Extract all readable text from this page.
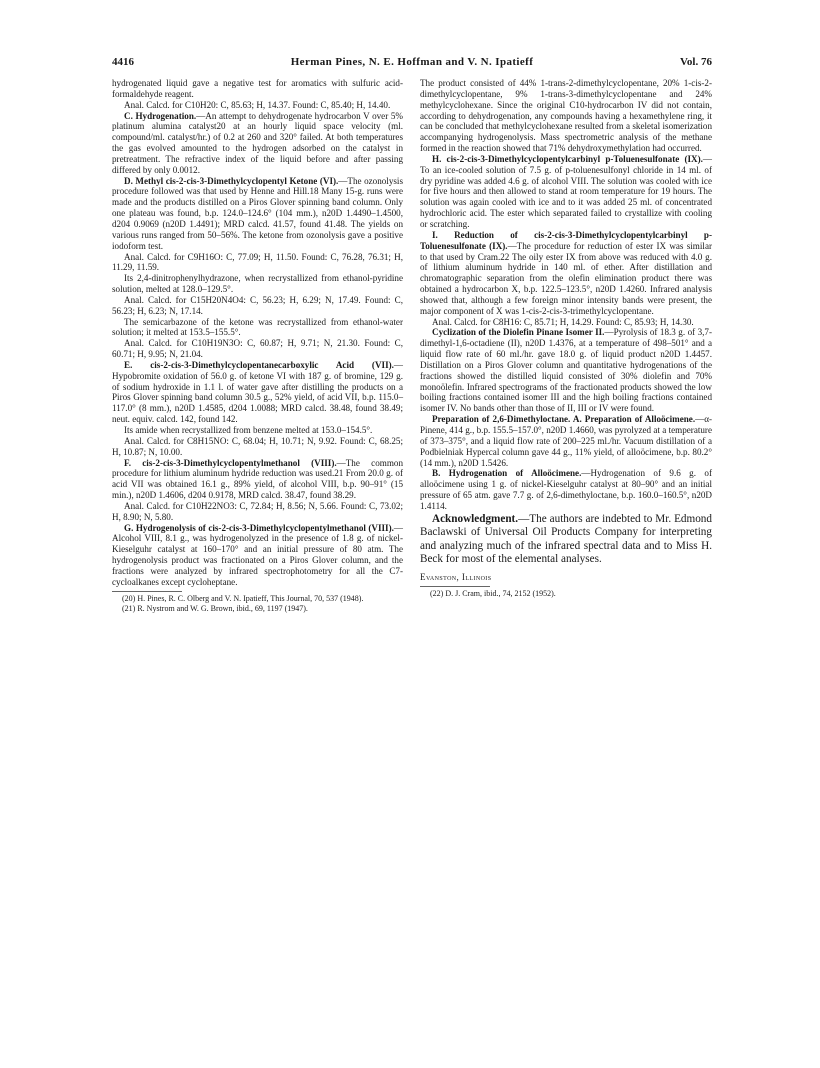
4416	Herman Pines, N. E. Hoffman and V. N. Ipatieff	Vol. 76

hydrogenated liquid gave a negative test for aromatics with sulfuric acid-formaldehyde reagent.

Anal. Calcd. for C10H20: C, 85.63; H, 14.37. Found: C, 85.40; H, 14.40.

C. Hydrogenation.—An attempt to dehydrogenate hydrocarbon V over 5% platinum alumina catalyst20 at an hourly liquid space velocity (ml. compound/ml. catalyst/hr.) of 0.2 at 260 and 320° failed. At both temperatures the gas evolved amounted to the hydrogen adsorbed on the catalyst in pretreatment. The refractive index of the liquid before and after passing differed by only 0.0012.

D. Methyl cis-2-cis-3-Dimethylcyclopentyl Ketone (VI).—The ozonolysis procedure followed was that used by Henne and Hill.18 Many 15-g. runs were made and the products distilled on a Piros Glover spinning band column. Only one plateau was found, b.p. 124.0–124.6° (104 mm.), n20D 1.4490–1.4500, d204 0.9069 (n20D 1.4491); MRD calcd. 41.57, found 41.48. The yields on various runs ranged from 50–56%. The ketone from ozonolysis gave a positive iodoform test.

Anal. Calcd. for C9H16O: C, 77.09; H, 11.50. Found: C, 76.28, 76.31; H, 11.29, 11.59.

Its 2,4-dinitrophenylhydrazone, when recrystallized from ethanol-pyridine solution, melted at 128.0–129.5°.

Anal. Calcd. for C15H20N4O4: C, 56.23; H, 6.29; N, 17.49. Found: C, 56.23; H, 6.23; N, 17.14.

The semicarbazone of the ketone was recrystallized from ethanol-water solution; it melted at 153.5–155.5°.

Anal. Calcd. for C10H19N3O: C, 60.87; H, 9.71; N, 21.30. Found: C, 60.71; H, 9.95; N, 21.04.

E. cis-2-cis-3-Dimethylcyclopentanecarboxylic Acid (VII).—Hypobromite oxidation of 56.0 g. of ketone VI with 187 g. of bromine, 129 g. of sodium hydroxide in 1.1 l. of water gave after distilling the products on a Piros Glover spinning band column 30.5 g., 52% yield, of acid VII, b.p. 115.0–117.0° (8 mm.), n20D 1.4585, d204 1.0088; MRD calcd. 38.48, found 38.49; neut. equiv. calcd. 142, found 142.

Its amide when recrystallized from benzene melted at 153.0–154.5°.

Anal. Calcd. for C8H15NO: C, 68.04; H, 10.71; N, 9.92. Found: C, 68.25; H, 10.87; N, 10.00.

F. cis-2-cis-3-Dimethylcyclopentylmethanol (VIII).—The common procedure for lithium aluminum hydride reduction was used.21 From 20.0 g. of acid VII was obtained 16.1 g., 89% yield, of alcohol VIII, b.p. 90–91° (15 min.), n20D 1.4606, d204 0.9178, MRD calcd. 38.47, found 38.29.

Anal. Calcd. for C10H22NO3: C, 72.84; H, 8.56; N, 5.66. Found: C, 73.02; H, 8.90; N, 5.80.

G. Hydrogenolysis of cis-2-cis-3-Dimethylcyclopentylmethanol (VIII).—Alcohol VIII, 8.1 g., was hydrogenolyzed in the presence of 1.8 g. of nickel-Kieselguhr catalyst at 160–170° and an initial pressure of 80 atm. The hydrogenolysis product was fractionated on a Piros Glover column, and the fractions were analyzed by infrared spectrophotometry for all the C7-cycloalkanes except cycloheptane.

(20) H. Pines, R. C. Olberg and V. N. Ipatieff, This Journal, 70, 537 (1948).

(21) R. Nystrom and W. G. Brown, ibid., 69, 1197 (1947).

The product consisted of 44% 1-trans-2-dimethylcyclopentane, 20% 1-cis-2-dimethylcyclopentane, 9% 1-trans-3-dimethylcyclopentane and 24% methylcyclohexane. Since the original C10-hydrocarbon IV did not contain, according to dehydrogenation, any compounds having a hexamethylene ring, it can be concluded that methylcyclohexane resulted from a skeletal isomerization accompanying hydrogenolysis. Mass spectrometric analysis of the methane formed in the reaction showed that 71% dehydroxymethylation had occurred.

H. cis-2-cis-3-Dimethylcyclopentylcarbinyl p-Toluenesulfonate (IX).—To an ice-cooled solution of 7.5 g. of p-toluenesulfonyl chloride in 14 ml. of dry pyridine was added 4.6 g. of alcohol VIII. The solution was cooled with ice for five hours and then allowed to stand at room temperature for 19 hours. The solution was again cooled with ice and to it was added 25 ml. of concentrated hydrochloric acid. The ester which separated failed to crystallize with cooling or scratching.

I. Reduction of cis-2-cis-3-Dimethylcyclopentylcarbinyl p-Toluenesulfonate (IX).—The procedure for reduction of ester IX was similar to that used by Cram.22 The oily ester IX from above was reduced with 4.0 g. of lithium aluminum hydride in 140 ml. of ether. After distillation and chromatographic separation from the olefin elimination product there was obtained a hydrocarbon X, b.p. 122.5–123.5°, n20D 1.4260. Infrared analysis showed that, although a few foreign minor intensity bands were present, the major component of X was 1-cis-2-cis-3-trimethylcyclopentane.

Anal. Calcd. for C8H16: C, 85.71; H, 14.29. Found: C, 85.93; H, 14.30.

Cyclization of the Diolefin Pinane Isomer II.—Pyrolysis of 18.3 g. of 3,7-dimethyl-1,6-octadiene (II), n20D 1.4376, at a temperature of 498–501° and a liquid flow rate of 60 ml./hr. gave 18.0 g. of liquid product n20D 1.4457. Distillation on a Piros Glover column and quantitative hydrogenations of the fractions showed the distilled liquid consisted of 30% diolefin and 70% monoölefin. Infrared spectrograms of the fractionated products showed the low boiling fractions contained isomer III and the high boiling fractions contained isomer IV. No bands other than those of II, III or IV were found.

Preparation of 2,6-Dimethyloctane. A. Preparation of Alloöcimene.—α-Pinene, 414 g., b.p. 155.5–157.0°, n20D 1.4660, was pyrolyzed at a temperature of 373–375°, and a liquid flow rate of 200–225 ml./hr. Vacuum distillation of a Podbielniak Hypercal column gave 44 g., 11% yield, of alloöcimene, b.p. 80.2° (14 mm.), n20D 1.5426.

B. Hydrogenation of Alloöcimene.—Hydrogenation of 9.6 g. of alloöcimene using 1 g. of nickel-Kieselguhr catalyst at 80–90° and an initial pressure of 65 atm. gave 7.7 g. of 2,6-dimethyloctane, b.p. 160.0–160.5°, n20D 1.4114.

Acknowledgment.—The authors are indebted to Mr. Edmond Baclawski of Universal Oil Products Company for interpreting and analyzing much of the infrared spectral data and to Miss H. Beck for most of the elemental analyses.

Evanston, Illinois

(22) D. J. Cram, ibid., 74, 2152 (1952).
